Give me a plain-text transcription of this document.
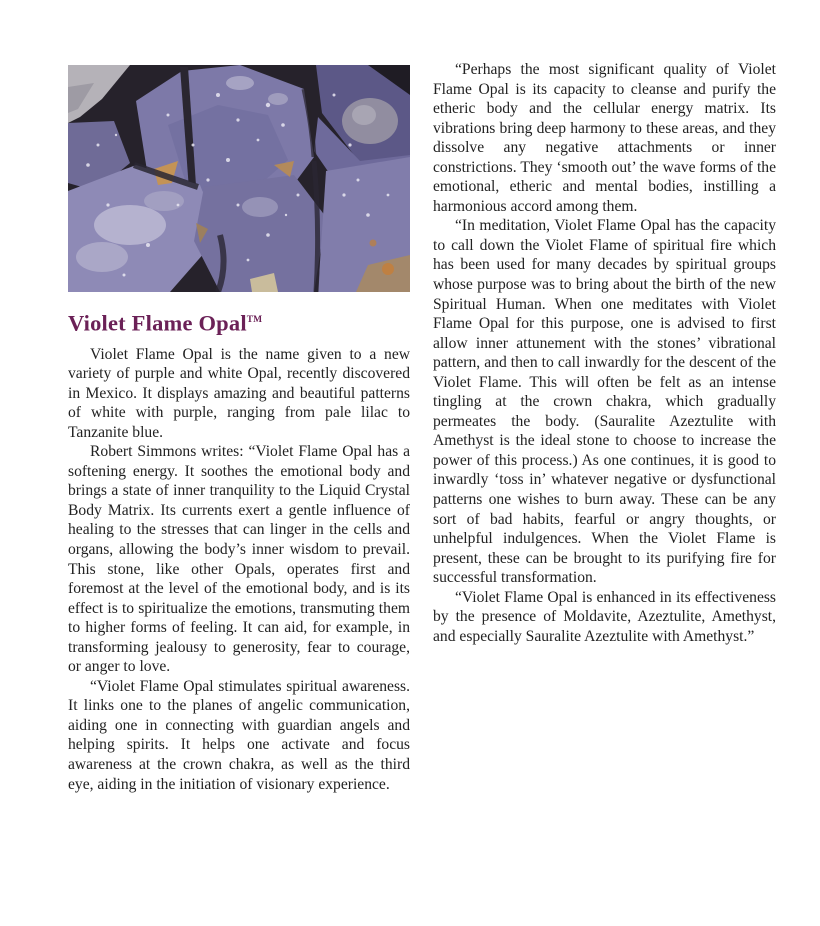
Violet Flame Opal™

Violet Flame Opal is the name given to a new variety of purple and white Opal, recently discovered in Mexico. It displays amazing and beautiful patterns of white with purple, ranging from pale lilac to Tanzanite blue.

Robert Simmons writes: “Violet Flame Opal has a softening energy. It soothes the emotional body and brings a state of inner tranquility to the Liquid Crystal Body Matrix. Its currents exert a gentle influence of healing to the stresses that can linger in the cells and organs, allowing the body’s inner wisdom to prevail. This stone, like other Opals, operates first and foremost at the level of the emotional body, and is its effect is to spiritualize the emotions, transmuting them to higher forms of feeling. It can aid, for example, in transforming jealousy to generosity, fear to courage, or anger to love.

“Violet Flame Opal stimulates spiritual awareness. It links one to the planes of angelic communication, aiding one in connecting with guardian angels and helping spirits. It helps one activate and focus awareness at the crown chakra, as well as the third eye, aiding in the initiation of visionary experience.

“Perhaps the most significant quality of Violet Flame Opal is its capacity to cleanse and purify the etheric body and the cellular energy matrix. Its vibrations bring deep harmony to these areas, and they dissolve any negative attachments or inner constrictions. They ‘smooth out’ the wave forms of the emotional, etheric and mental bodies, instilling a harmonious accord among them.

“In meditation, Violet Flame Opal has the capacity to call down the Violet Flame of spiritual fire which has been used for many decades by spiritual groups whose purpose was to bring about the birth of the new Spiritual Human. When one meditates with Violet Flame Opal for this purpose, one is advised to first allow inner attunement with the stones’ vibrational pattern, and then to call inwardly for the descent of the Violet Flame. This will often be felt as an intense tingling at the crown chakra, which gradually permeates the body. (Sauralite Azeztulite with Amethyst is the ideal stone to choose to increase the power of this process.) As one continues, it is good to inwardly ‘toss in’ whatever negative or dysfunctional patterns one wishes to burn away. These can be any sort of bad habits, fearful or angry thoughts, or unhelpful indulgences. When the Violet Flame is present, these can be brought to its purifying fire for successful transformation.

“Violet Flame Opal is enhanced in its effectiveness by the presence of Moldavite, Azeztulite, Amethyst, and especially Sauralite Azeztulite with Amethyst.”
